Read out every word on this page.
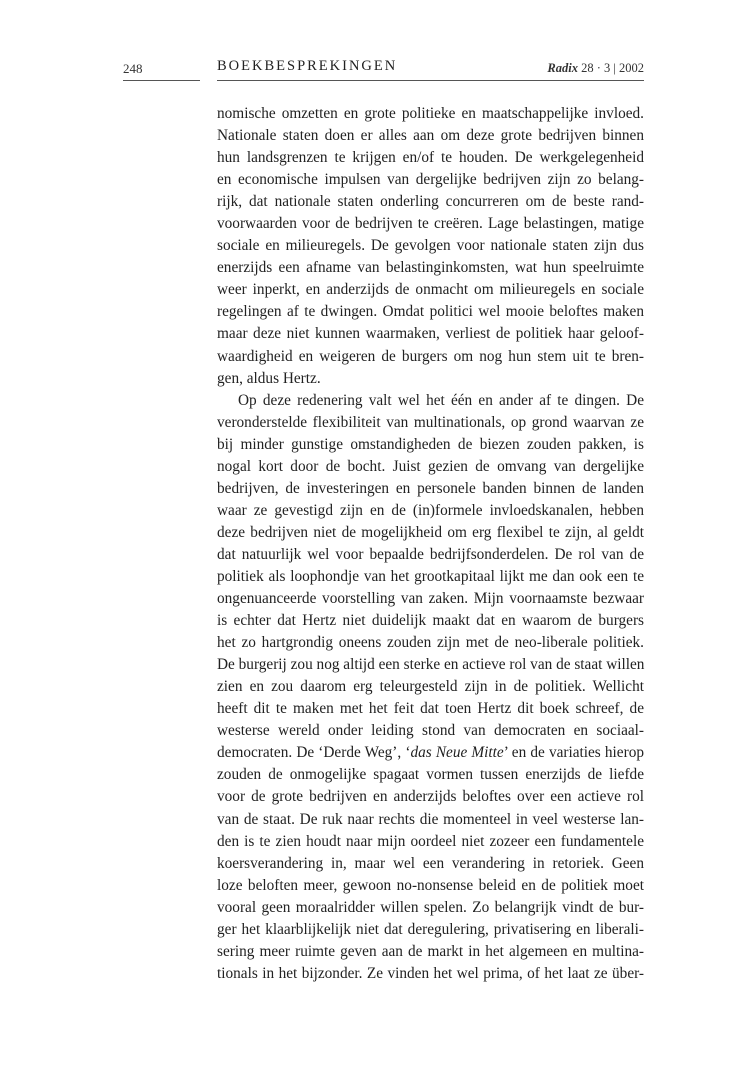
248	BOEKBESPREKINGEN	Radix 28 · 3 | 2002
nomische omzetten en grote politieke en maatschappelijke invloed.
Nationale staten doen er alles aan om deze grote bedrijven binnen
hun landsgrenzen te krijgen en/of te houden. De werkgelegenheid
en economische impulsen van dergelijke bedrijven zijn zo belang-
rijk, dat nationale staten onderling concurreren om de beste rand-
voorwaarden voor de bedrijven te creëren. Lage belastingen, matige
sociale en milieuregels. De gevolgen voor nationale staten zijn dus
enerzijds een afname van belastinginkomsten, wat hun speelruimte
weer inperkt, en anderzijds de onmacht om milieuregels en sociale
regelingen af te dwingen. Omdat politici wel mooie beloftes maken
maar deze niet kunnen waarmaken, verliest de politiek haar geloof-
waardigheid en weigeren de burgers om nog hun stem uit te bren-
gen, aldus Hertz.
Op deze redenering valt wel het één en ander af te dingen. De
veronderstelde flexibiliteit van multinationals, op grond waarvan ze
bij minder gunstige omstandigheden de biezen zouden pakken, is
nogal kort door de bocht. Juist gezien de omvang van dergelijke
bedrijven, de investeringen en personele banden binnen de landen
waar ze gevestigd zijn en de (in)formele invloedskanalen, hebben
deze bedrijven niet de mogelijkheid om erg flexibel te zijn, al geldt
dat natuurlijk wel voor bepaalde bedrijfsonderdelen. De rol van de
politiek als loophondje van het grootkapitaal lijkt me dan ook een te
ongenuanceerde voorstelling van zaken. Mijn voornaamste bezwaar
is echter dat Hertz niet duidelijk maakt dat en waarom de burgers
het zo hartgrondig oneens zouden zijn met de neo-liberale politiek.
De burgerij zou nog altijd een sterke en actieve rol van de staat willen
zien en zou daarom erg teleurgesteld zijn in de politiek. Wellicht
heeft dit te maken met het feit dat toen Hertz dit boek schreef, de
westerse wereld onder leiding stond van democraten en sociaal-
democraten. De ‘Derde Weg’, ‘das Neue Mitte’ en de variaties hierop
zouden de onmogelijke spagaat vormen tussen enerzijds de liefde
voor de grote bedrijven en anderzijds beloftes over een actieve rol
van de staat. De ruk naar rechts die momenteel in veel westerse lan-
den is te zien houdt naar mijn oordeel niet zozeer een fundamentele
koersverandering in, maar wel een verandering in retoriek. Geen
loze beloften meer, gewoon no-nonsense beleid en de politiek moet
vooral geen moraalridder willen spelen. Zo belangrijk vindt de bur-
ger het klaarblijkelijk niet dat deregulering, privatisering en liberali-
sering meer ruimte geven aan de markt in het algemeen en multina-
tionals in het bijzonder. Ze vinden het wel prima, of het laat ze über-
